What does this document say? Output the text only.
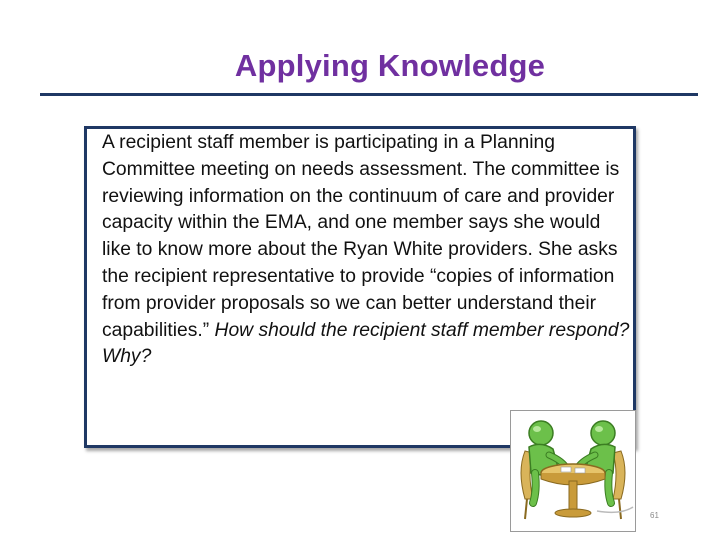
Applying Knowledge
A recipient staff member is participating in a Planning Committee meeting on needs assessment. The committee is reviewing information on the continuum of care and provider capacity within the EMA, and one member says she would like to know more about the Ryan White providers. She asks the recipient representative to provide “copies of information from provider proposals so we can better understand their capabilities.” How should the recipient staff member respond? Why?
61
